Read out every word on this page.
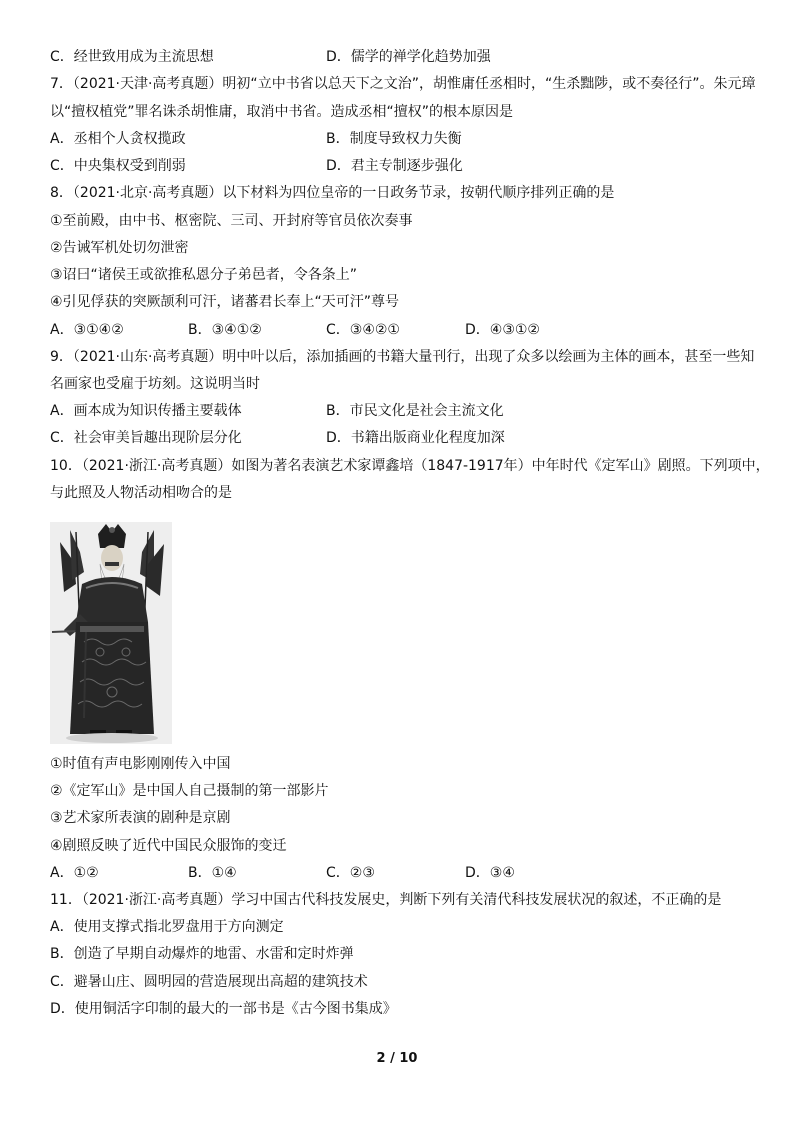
C．经世致用成为主流思想	D．儒学的禅学化趋势加强
7．（2021·天津·高考真题）明初“立中书省以总天下之文治”，胡惟庸任丞相时，“生杀黜陟，或不奏径行”。朱元璋
以“擅权植党”罪名诛杀胡惟庸，取消中书省。造成丞相“擅权”的根本原因是
A．丞相个人贪权揽政	B．制度导致权力失衡
C．中央集权受到削弱	D．君主专制逐步强化
8．（2021·北京·高考真题）以下材料为四位皇帝的一日政务节录，按朝代顺序排列正确的是
①至前殿，由中书、枢密院、三司、开封府等官员依次奏事
②告诫军机处切勿泄密
③诏曰“诸侯王或欲推私恩分子弟邑者，令各条上”
④引见俘获的突厥颉利可汗，诸蕃君长奉上“天可汗”尊号
A．③①④②	B．③④①②	C．③④②①	D．④③①②
9．（2021·山东·高考真题）明中叶以后，添加插画的书籍大量刊行，出现了众多以绘画为主体的画本，甚至一些知
名画家也受雇于坊刻。这说明当时
A．画本成为知识传播主要载体	B．市民文化是社会主流文化
C．社会审美旨趣出现阶层分化	D．书籍出版商业化程度加深
10．（2021·浙江·高考真题）如图为著名表演艺术家谭鑫培（1847-1917年）中年时代《定军山》剧照。下列项中，
与此照及人物活动相吻合的是
①时值有声电影刚刚传入中国
②《定军山》是中国人自己摄制的第一部影片
③艺术家所表演的剧种是京剧
④剧照反映了近代中国民众服饰的变迁
A．①②	B．①④	C．②③	D．③④
11．（2021·浙江·高考真题）学习中国古代科技发展史，判断下列有关清代科技发展状况的叙述，不正确的是
A．使用支撑式指北罗盘用于方向测定
B．创造了早期自动爆炸的地雷、水雷和定时炸弹
C．避暑山庄、圆明园的营造展现出高超的建筑技术
D．使用铜活字印制的最大的一部书是《古今图书集成》
2 / 10
